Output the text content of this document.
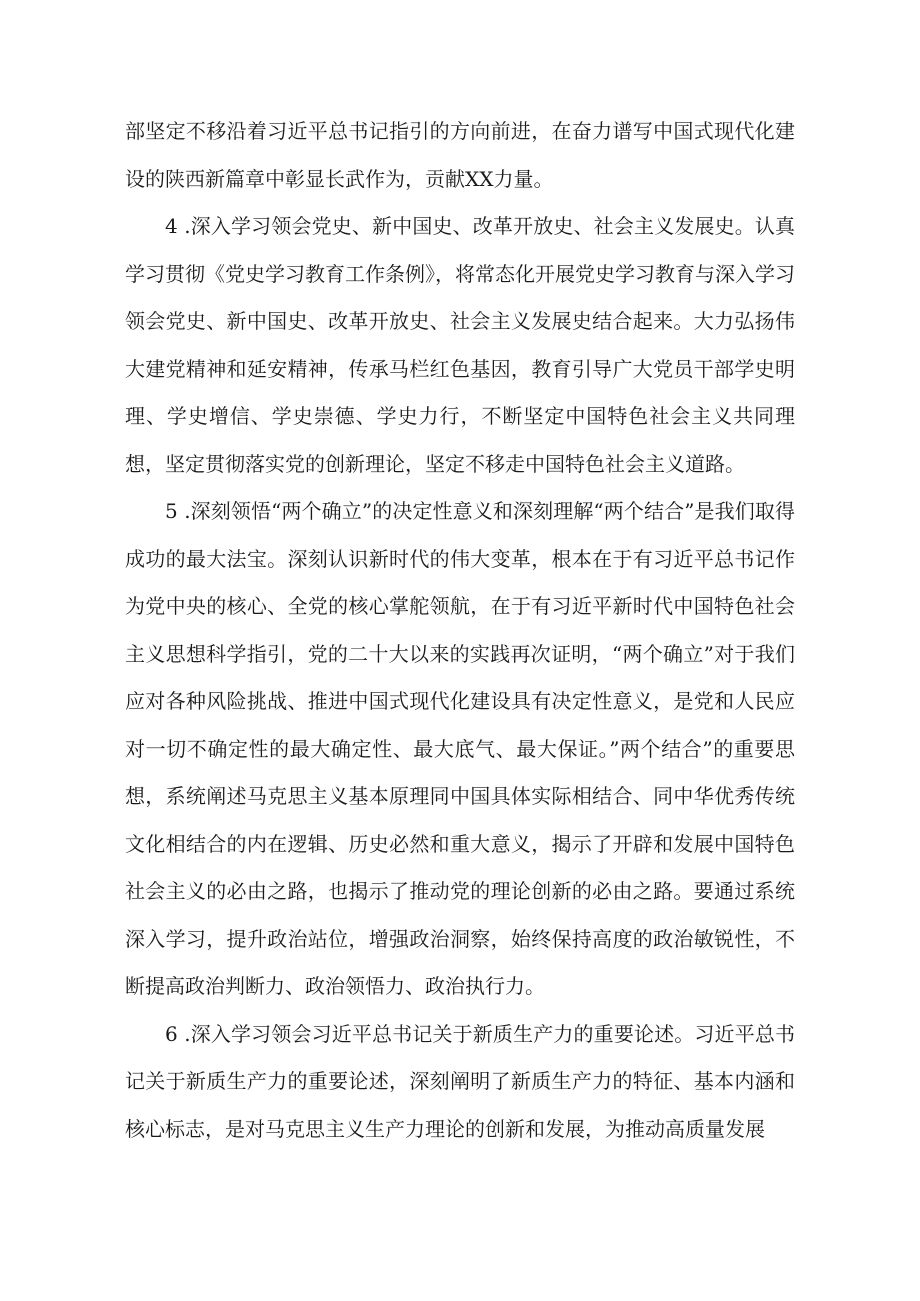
部坚定不移沿着习近平总书记指引的方向前进，在奋力谱写中国式现代化建设的陕西新篇章中彰显长武作为，贡献XX力量。

4 .深入学习领会党史、新中国史、改革开放史、社会主义发展史。认真学习贯彻《党史学习教育工作条例》，将常态化开展党史学习教育与深入学习领会党史、新中国史、改革开放史、社会主义发展史结合起来。大力弘扬伟大建党精神和延安精神，传承马栏红色基因，教育引导广大党员干部学史明理、学史增信、学史崇德、学史力行，不断坚定中国特色社会主义共同理想，坚定贯彻落实党的创新理论，坚定不移走中国特色社会主义道路。

5 .深刻领悟“两个确立”的决定性意义和深刻理解“两个结合”是我们取得成功的最大法宝。深刻认识新时代的伟大变革，根本在于有习近平总书记作为党中央的核心、全党的核心掌舵领航，在于有习近平新时代中国特色社会主义思想科学指引，党的二十大以来的实践再次证明，“两个确立”对于我们应对各种风险挑战、推进中国式现代化建设具有决定性意义，是党和人民应对一切不确定性的最大确定性、最大底气、最大保证。”两个结合”的重要思想，系统阐述马克思主义基本原理同中国具体实际相结合、同中华优秀传统文化相结合的内在逻辑、历史必然和重大意义，揭示了开辟和发展中国特色社会主义的必由之路，也揭示了推动党的理论创新的必由之路。要通过系统深入学习，提升政治站位，增强政治洞察，始终保持高度的政治敏锐性，不断提高政治判断力、政治领悟力、政治执行力。

6 .深入学习领会习近平总书记关于新质生产力的重要论述。习近平总书记关于新质生产力的重要论述，深刻阐明了新质生产力的特征、基本内涵和核心标志，是对马克思主义生产力理论的创新和发展，为推动高质量发展
